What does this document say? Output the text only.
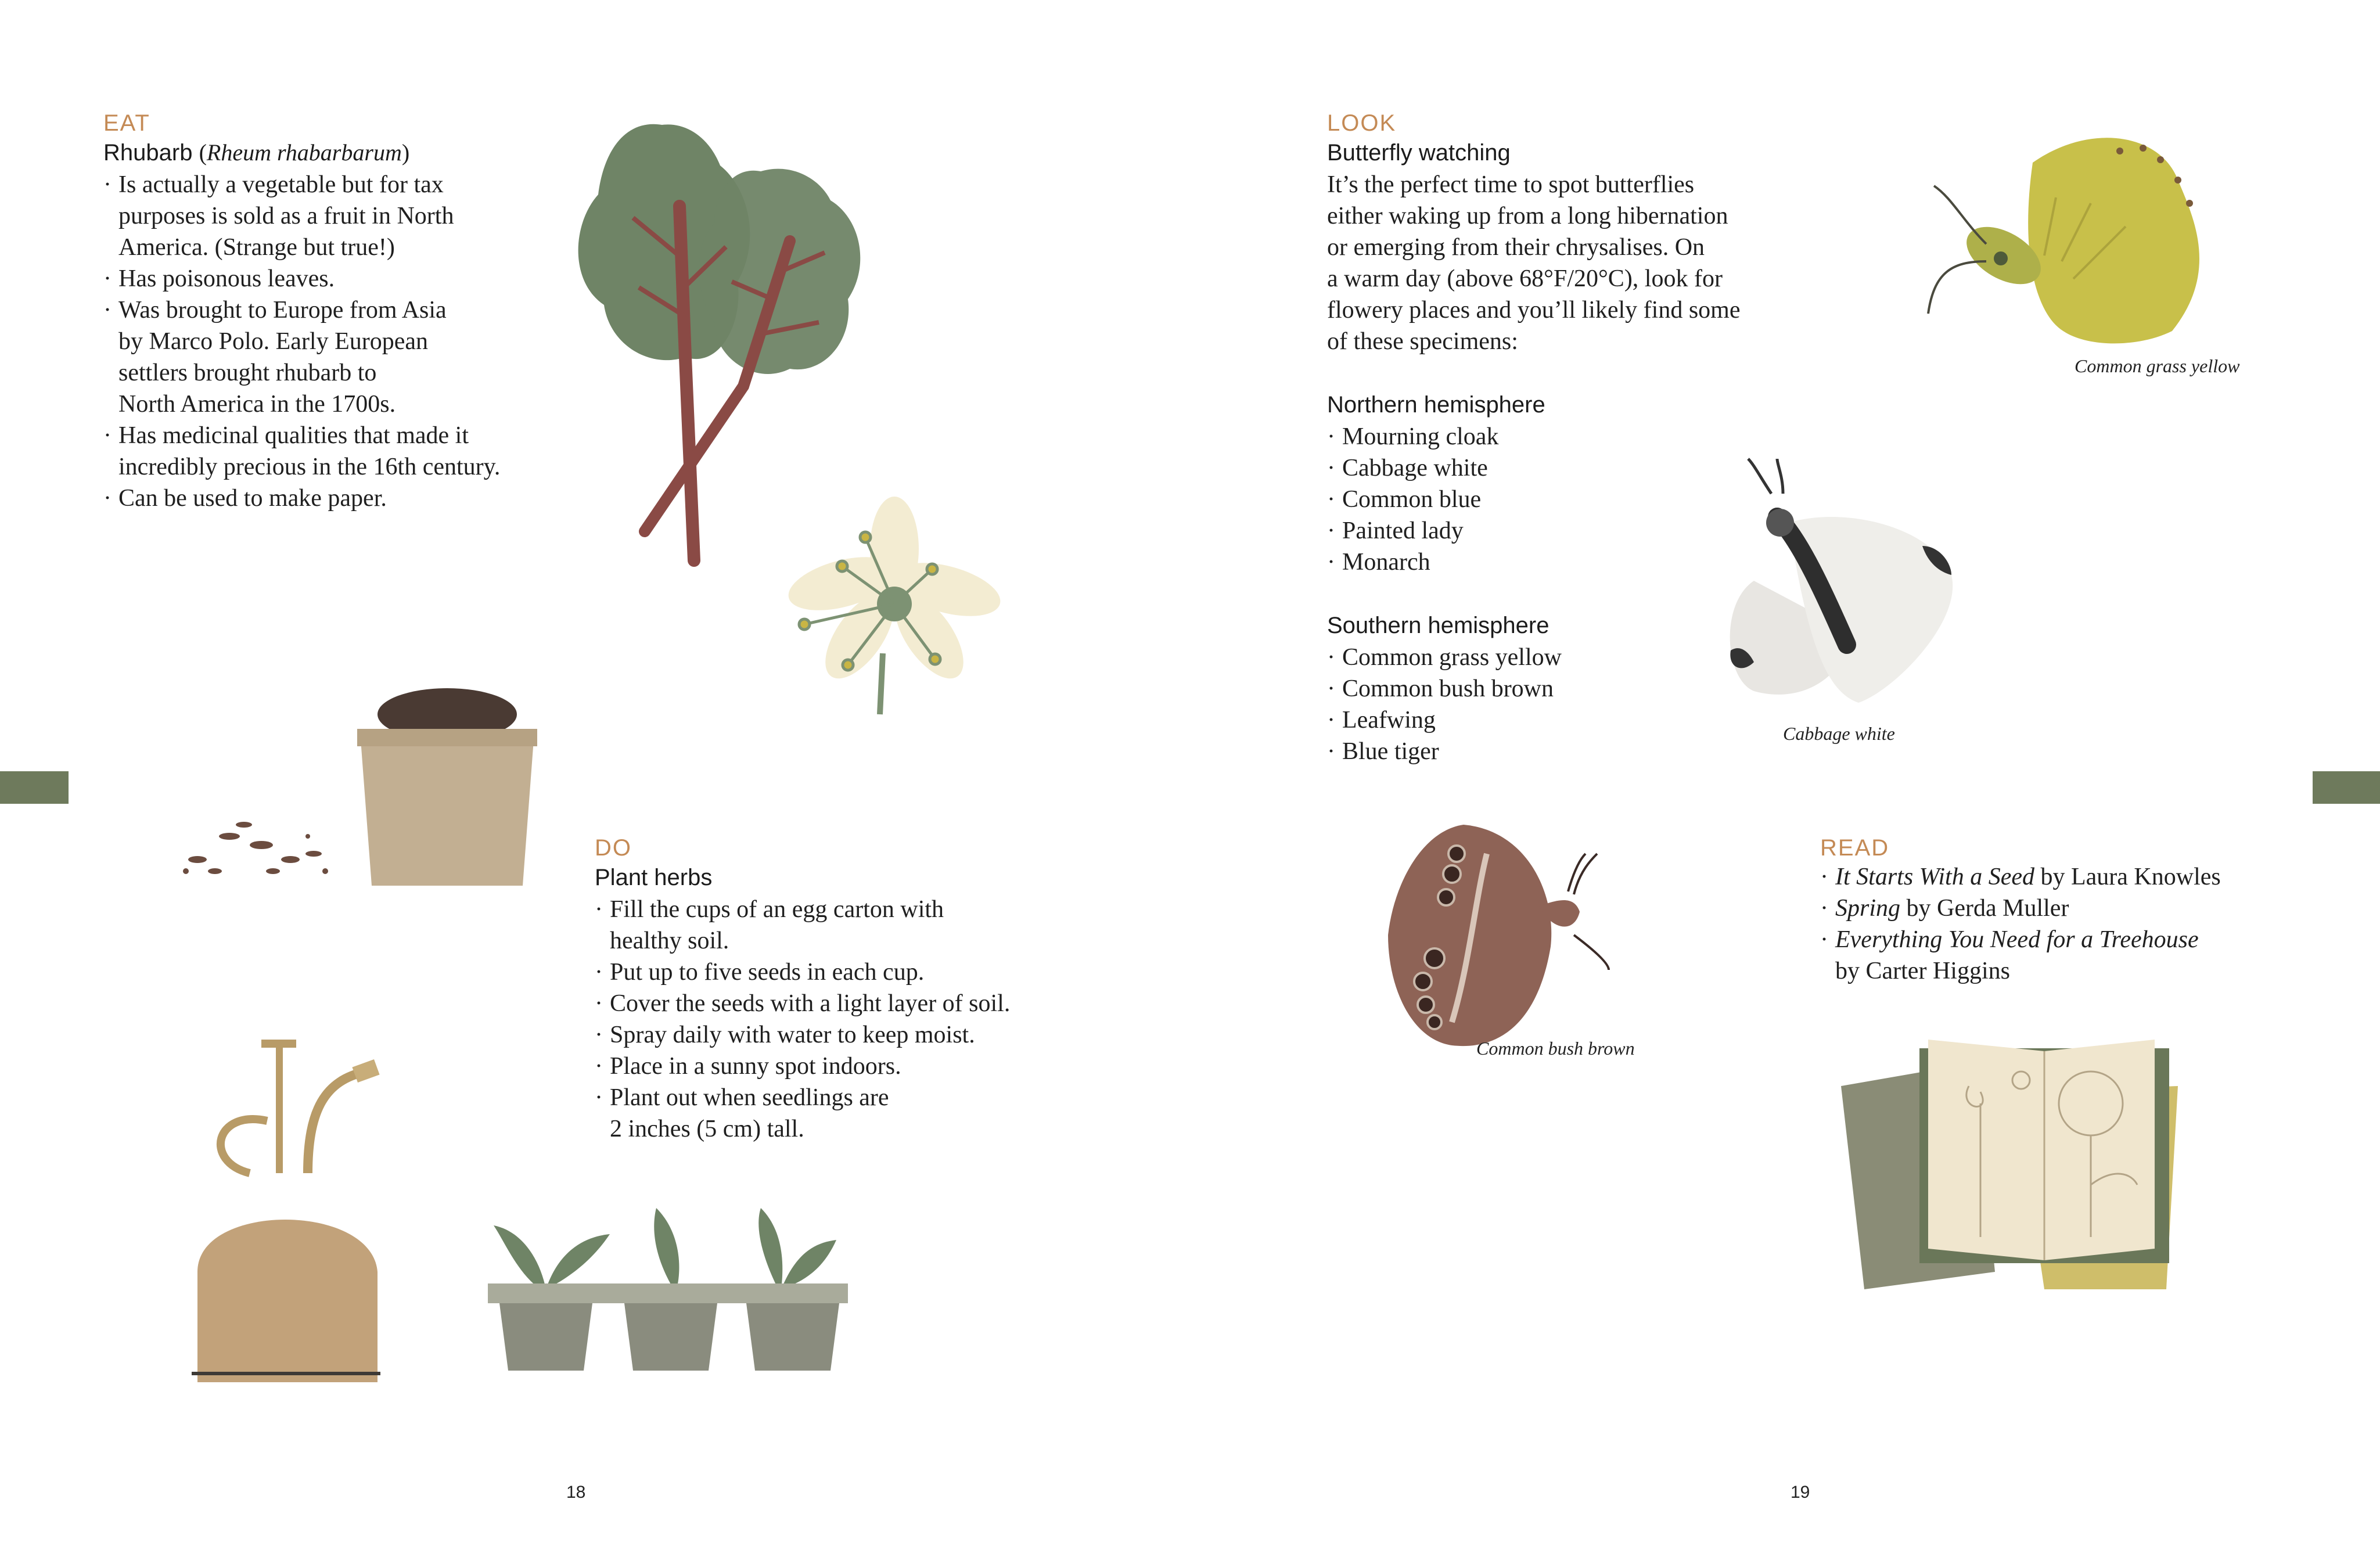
EAT

Rhubarb (Rheum rhabarbarum)

· Is actually a vegetable but for tax
purposes is sold as a fruit in North
America. (Strange but true!)
· Has poisonous leaves.
· Was brought to Europe from Asia
by Marco Polo. Early European
settlers brought rhubarb to
North America in the 1700s.
· Has medicinal qualities that made it
incredibly precious in the 16th century.
· Can be used to make paper.
DO

Plant herbs

· Fill the cups of an egg carton with
healthy soil.
· Put up to five seeds in each cup.
· Cover the seeds with a light layer of soil.
· Spray daily with water to keep moist.
· Place in a sunny spot indoors.
· Plant out when seedlings are
2 inches (5 cm) tall.
18
LOOK

Butterfly watching

It’s the perfect time to spot butterflies
either waking up from a long hibernation
or emerging from their chrysalises. On
a warm day (above 68°F/20°C), look for
flowery places and you’ll likely find some
of these specimens:

Northern hemisphere

· Mourning cloak
· Cabbage white
· Common blue
· Painted lady
· Monarch

Southern hemisphere

· Common grass yellow
· Common bush brown
· Leafwing
· Blue tiger
Common grass yellow
Cabbage white
Common bush brown
READ
· It Starts With a Seed by Laura Knowles
· Spring by Gerda Muller
· Everything You Need for a Treehouse
by Carter Higgins
19
